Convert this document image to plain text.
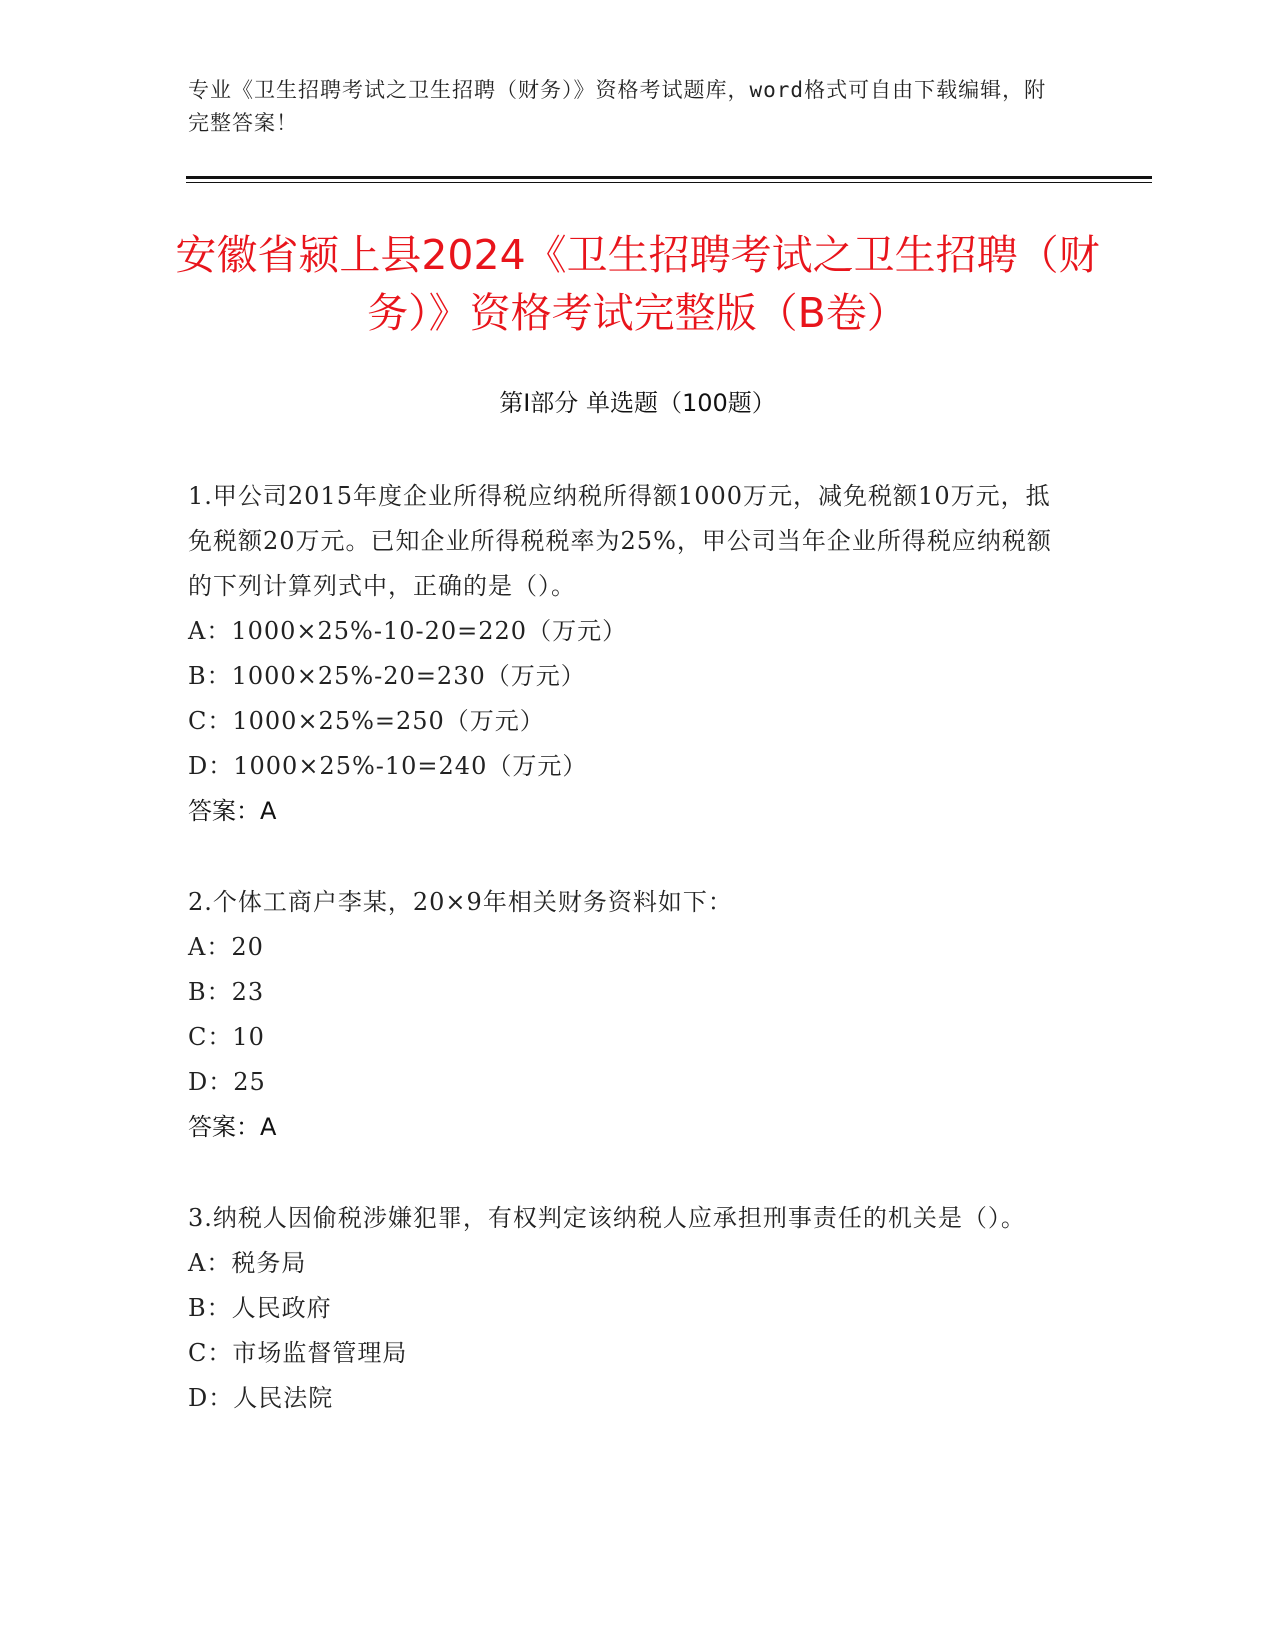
专业《卫生招聘考试之卫生招聘（财务）》资格考试题库，word格式可自由下载编辑，附完整答案！
安徽省颍上县2024《卫生招聘考试之卫生招聘（财务）》资格考试完整版（B卷）
第I部分 单选题（100题）
1.甲公司2015年度企业所得税应纳税所得额1000万元，减免税额10万元，抵免税额20万元。已知企业所得税税率为25%，甲公司当年企业所得税应纳税额的下列计算列式中，正确的是（）。
A：1000×25%-10-20=220（万元）
B：1000×25%-20=230（万元）
C：1000×25%=250（万元）
D：1000×25%-10=240（万元）
答案：A
2.个体工商户李某，20×9年相关财务资料如下：
A：20
B：23
C：10
D：25
答案：A
3.纳税人因偷税涉嫌犯罪，有权判定该纳税人应承担刑事责任的机关是（）。
A：税务局
B：人民政府
C：市场监督管理局
D：人民法院
